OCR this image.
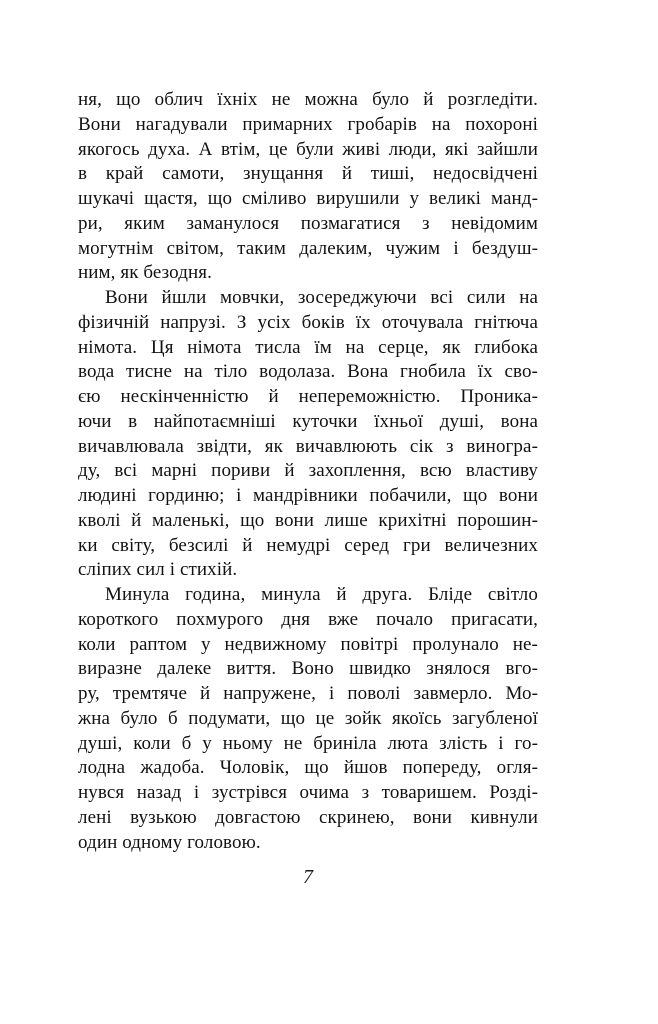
ня, що облич їхніх не можна було й розгледіти.
Вони нагадували примарних гробарів на похороні
якогось духа. А втім, це були живі люди, які зайшли
в край самоти, знущання й тиші, недосвідчені
шукачі щастя, що сміливо вирушили у великі манд-
ри, яким заманулося позмагатися з невідомим
могутнім світом, таким далеким, чужим і бездуш-
ним, як безодня.
Вони йшли мовчки, зосереджуючи всі сили на
фізичній напрузі. З усіх боків їх оточувала гнітюча
німота. Ця німота тисла їм на серце, як глибока
вода тисне на тіло водолаза. Вона гнобила їх сво-
єю нескінченністю й непереможністю. Проника-
ючи в найпотаємніші куточки їхньої душі, вона
вичавлювала звідти, як вичавлюють сік з виногра-
ду, всі марні пориви й захоплення, всю властиву
людині гординю; і мандрівники побачили, що вони
кволі й маленькі, що вони лише крихітні порошин-
ки світу, безсилі й немудрі серед гри величезних
сліпих сил і стихій.
Минула година, минула й друга. Бліде світло
короткого похмурого дня вже почало пригасати,
коли раптом у недвижному повітрі пролунало не-
виразне далеке виття. Воно швидко знялося вго-
ру, тремтяче й напружене, і поволі завмерло. Мо-
жна було б подумати, що це зойк якоїсь загубленої
душі, коли б у ньому не бриніла люта злість і го-
лодна жадоба. Чоловік, що йшов попереду, огля-
нувся назад і зустрівся очима з товаришем. Розді-
лені вузькою довгастою скринею, вони кивнули
один одному головою.
7
